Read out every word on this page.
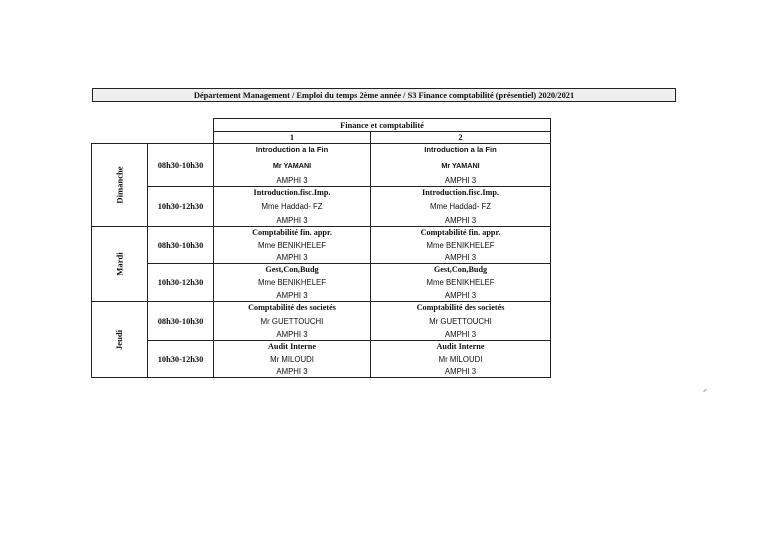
Département Management / Emploi du temps 2ème année / S3 Finance comptabilité (présentiel) 2020/2021
Finance et comptabilité
1	2
Dimanche
08h30-10h30
Introduction a la Fin
Mr YAMANI
AMPHI 3
Introduction a la Fin
Mr YAMANI
AMPHI 3
10h30-12h30
Introduction.fisc.Imp.
Mme Haddad- FZ
AMPHI 3
Introduction.fisc.Imp.
Mme Haddad- FZ
AMPHI 3
Mardi
08h30-10h30
Comptabilité fin. appr.
Mme BENIKHELEF
AMPHI 3
Comptabilité fin. appr.
Mme BENIKHELEF
AMPHI 3
10h30-12h30
Gest,Con,Budg
Mme BENIKHELEF
AMPHI 3
Gest,Con,Budg
Mme BENIKHELEF
AMPHI 3
Jeudi
08h30-10h30
Comptabilité des societés
Mr GUETTOUCHI
AMPHI 3
Comptabilité des societés
Mr GUETTOUCHI
AMPHI 3
10h30-12h30
Audit Interne
Mr MILOUDI
AMPHI 3
Audit Interne
Mr MILOUDI
AMPHI 3
